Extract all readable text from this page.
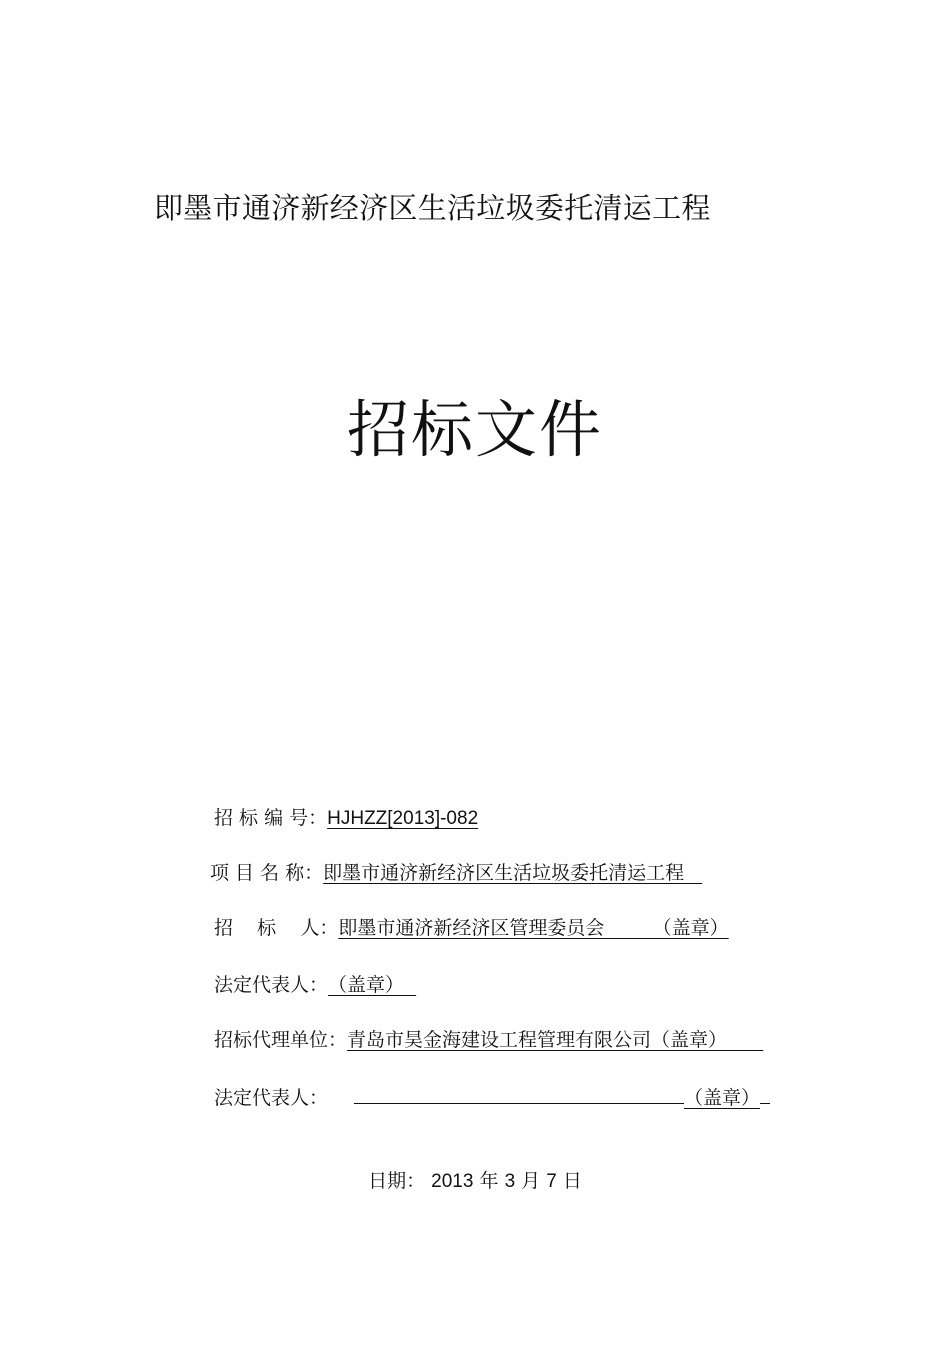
即墨市通济新经济区生活垃圾委托清运工程
招标文件
招 标 编 号： HJHZZ[2013]-082
项 目 名 称： 即墨市通济新经济区生活垃圾委托清运工程
招    标    人： 即墨市通济新经济区管理委员会        （盖章）
法定代表人： （盖章）
招标代理单位： 青岛市昊金海建设工程管理有限公司（盖章）
法定代表人：	（盖章）
日期： 2013 年 3 月 7 日
